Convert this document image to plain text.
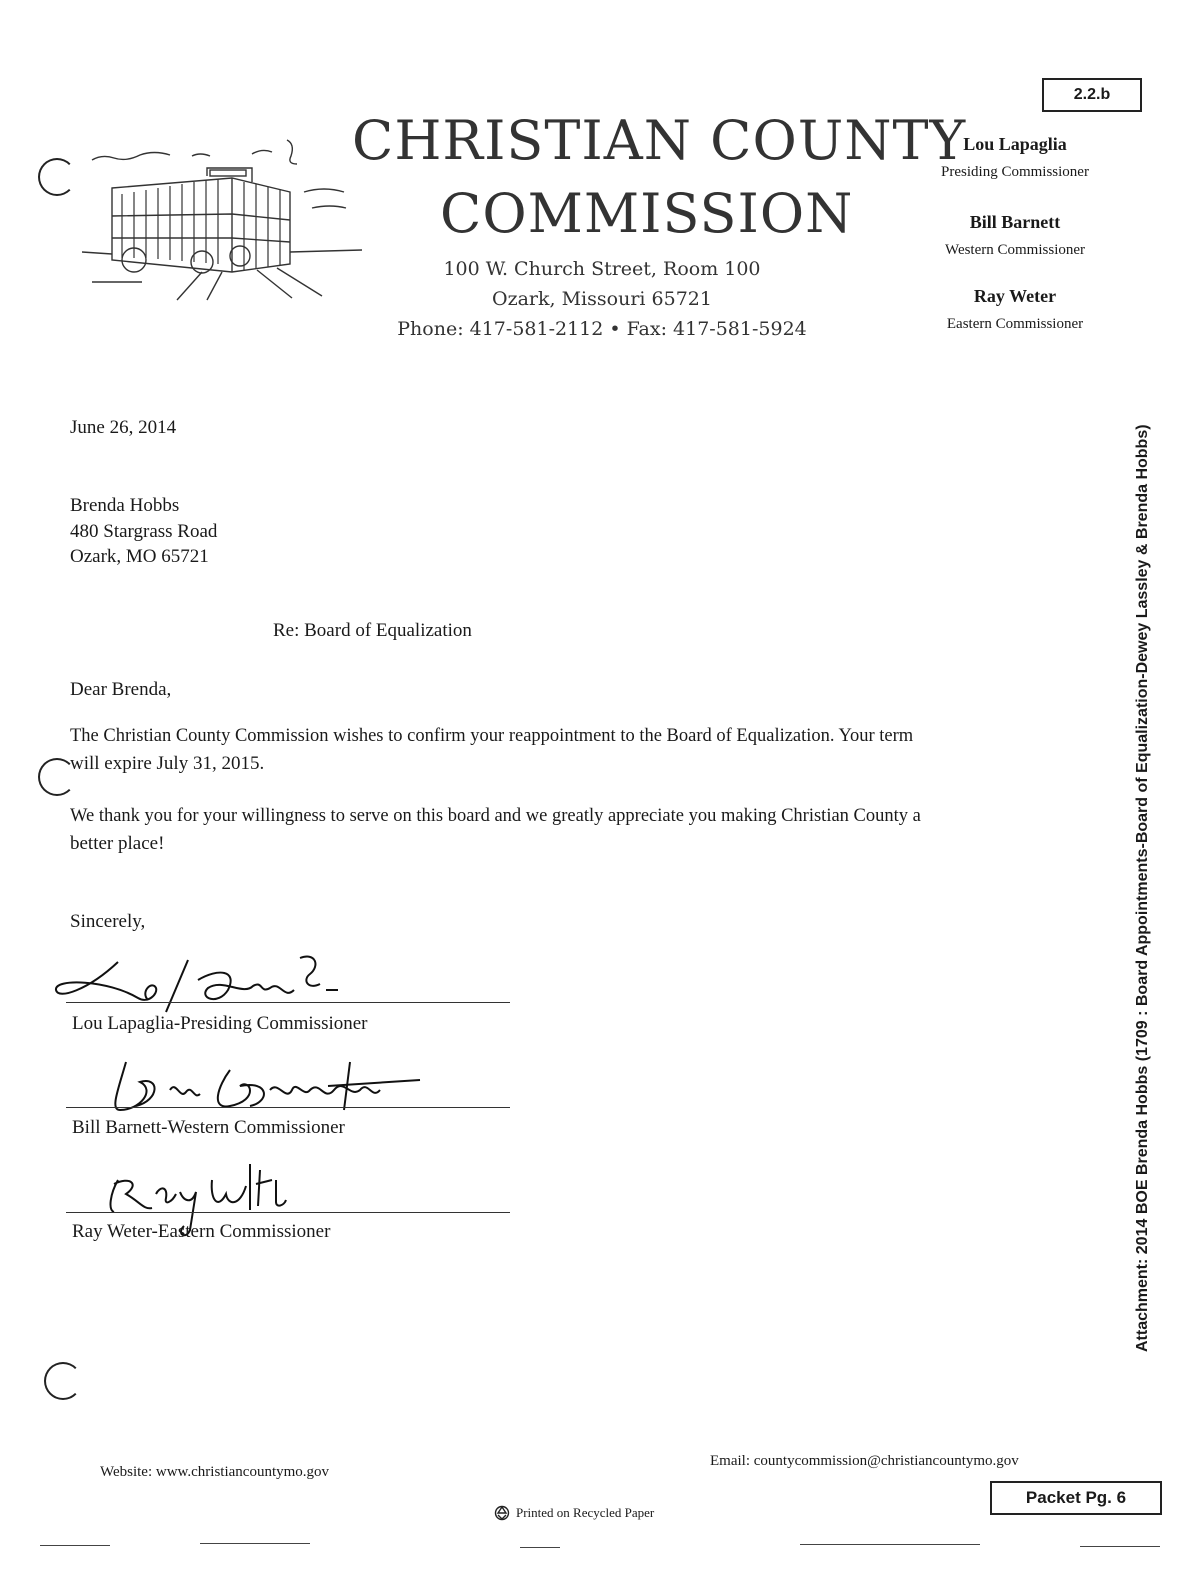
2.2.b
CHRISTIAN COUNTY
COMMISSION
100 W. Church Street, Room 100
Ozark, Missouri 65721
Phone: 417-581-2112 • Fax: 417-581-5924
Lou Lapaglia
Presiding Commissioner
Bill Barnett
Western Commissioner
Ray Weter
Eastern Commissioner
June 26, 2014
Brenda Hobbs
480 Stargrass Road
Ozark, MO 65721
Re: Board of Equalization
Dear Brenda,
The Christian County Commission wishes to confirm your reappointment to the Board of Equalization. Your term
will expire July 31, 2015.
We thank you for your willingness to serve on this board and we greatly appreciate you making Christian County a
better place!
Sincerely,
Lou Lapaglia-Presiding Commissioner
Bill Barnett-Western Commissioner
Ray Weter-Eastern Commissioner	Attachment: 2014 BOE Brenda Hobbs (1709 : Board Appointments-Board of Equalization-Dewey Lassley & Brenda Hobbs)
Website: www.christiancountymo.gov
Email: countycommission@christiancountymo.gov
Printed on Recycled Paper
Packet Pg. 6
